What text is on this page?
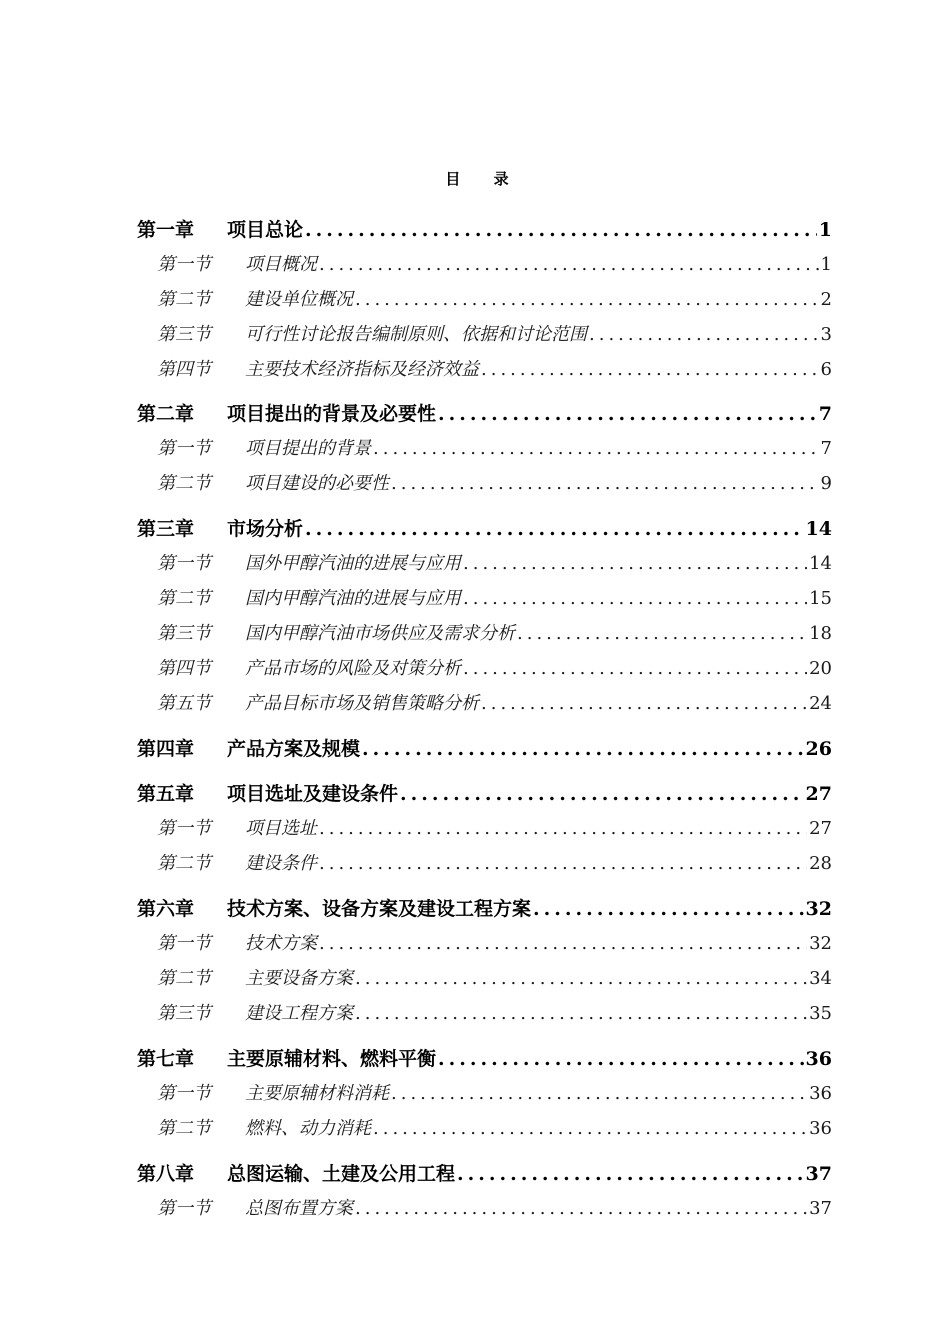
目 录
第一章	项目总论 .....	1
第一节	项目概况 .....	1
第二节	建设单位概况 .....	2
第三节	可行性讨论报告编制原则、依据和讨论范围 .....	3
第四节	主要技术经济指标及经济效益 .....	6
第二章	项目提出的背景及必要性 .....	7
第一节	项目提出的背景 .....	7
第二节	项目建设的必要性 .....	9
第三章	市场分析 .....	14
第一节	国外甲醇汽油的进展与应用 .....	14
第二节	国内甲醇汽油的进展与应用 .....	15
第三节	国内甲醇汽油市场供应及需求分析 .....	18
第四节	产品市场的风险及对策分析 .....	20
第五节	产品目标市场及销售策略分析 .....	24
第四章	产品方案及规模 .....	26
第五章	项目选址及建设条件 .....	27
第一节	项目选址 .....	27
第二节	建设条件 .....	28
第六章	技术方案、设备方案及建设工程方案 .....	32
第一节	技术方案 .....	32
第二节	主要设备方案 .....	34
第三节	建设工程方案 .....	35
第七章	主要原辅材料、燃料平衡 .....	36
第一节	主要原辅材料消耗 .....	36
第二节	燃料、动力消耗 .....	36
第八章	总图运输、土建及公用工程 .....	37
第一节	总图布置方案 .....	37
